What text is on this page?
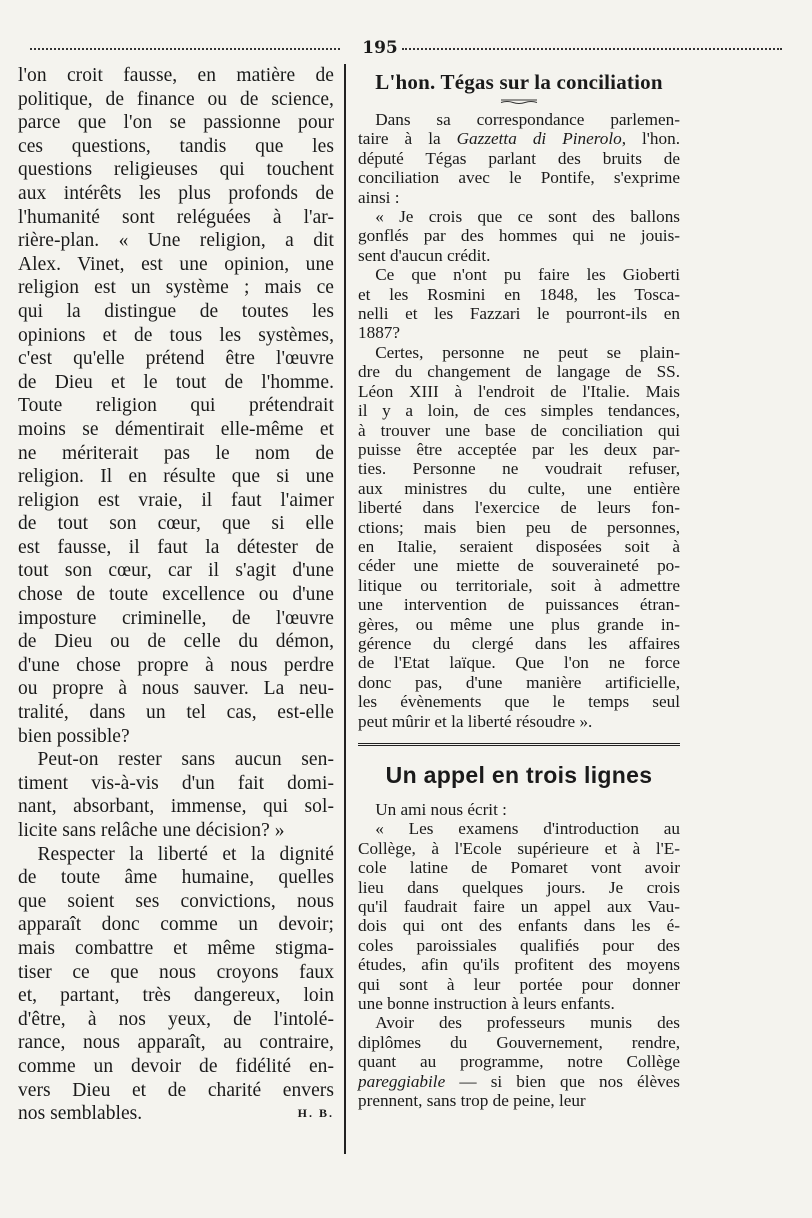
195

l'on croit fausse, en matière de

politique, de finance ou de science,

parce que l'on se passionne pour

ces questions, tandis que les

questions religieuses qui touchent

aux intérêts les plus profonds de

l'humanité sont reléguées à l'ar-

rière-plan. « Une religion, a dit

Alex. Vinet, est une opinion, une

religion est un système ; mais ce

qui la distingue de toutes les

opinions et de tous les systèmes,

c'est qu'elle prétend être l'œuvre

de Dieu et le tout de l'homme.

Toute religion qui prétendrait

moins se démentirait elle-même et

ne mériterait pas le nom de

religion. Il en résulte que si une

religion est vraie, il faut l'aimer

de tout son cœur, que si elle

est fausse, il faut la détester de

tout son cœur, car il s'agit d'une

chose de toute excellence ou d'une

imposture criminelle, de l'œuvre

de Dieu ou de celle du démon,

d'une chose propre à nous perdre

ou propre à nous sauver. La neu-

tralité, dans un tel cas, est-elle

bien possible?

Peut-on rester sans aucun sen-

timent vis-à-vis d'un fait domi-

nant, absorbant, immense, qui sol-

licite sans relâche une décision? »

Respecter la liberté et la dignité

de toute âme humaine, quelles

que soient ses convictions, nous

apparaît donc comme un devoir;

mais combattre et même stigma-

tiser ce que nous croyons faux

et, partant, très dangereux, loin

d'être, à nos yeux, de l'intolé-

rance, nous apparaît, au contraire,

comme un devoir de fidélité en-

vers Dieu et de charité envers

H. B.
nos semblables.

L'hon. Tégas sur la conciliation

Dans sa correspondance parlemen-

taire à la Gazzetta di Pinerolo, l'hon.

député Tégas parlant des bruits de

conciliation avec le Pontife, s'exprime

ainsi :

« Je crois que ce sont des ballons

gonflés par des hommes qui ne jouis-

sent d'aucun crédit.

Ce que n'ont pu faire les Gioberti

et les Rosmini en 1848, les Tosca-

nelli et les Fazzari le pourront-ils en

1887?

Certes, personne ne peut se plain-

dre du changement de langage de SS.

Léon XIII à l'endroit de l'Italie. Mais

il y a loin, de ces simples tendances,

à trouver une base de conciliation qui

puisse être acceptée par les deux par-

ties. Personne ne voudrait refuser,

aux ministres du culte, une entière

liberté dans l'exercice de leurs fon-

ctions; mais bien peu de personnes,

en Italie, seraient disposées soit à

céder une miette de souveraineté po-

litique ou territoriale, soit à admettre

une intervention de puissances étran-

gères, ou même une plus grande in-

gérence du clergé dans les affaires

de l'Etat laïque. Que l'on ne force

donc pas, d'une manière artificielle,

les évènements que le temps seul

peut mûrir et la liberté résoudre ».

Un appel en trois lignes

Un ami nous écrit :

« Les examens d'introduction au

Collège, à l'Ecole supérieure et à l'E-

cole latine de Pomaret vont avoir

lieu dans quelques jours. Je crois

qu'il faudrait faire un appel aux Vau-

dois qui ont des enfants dans les é-

coles paroissiales qualifiés pour des

études, afin qu'ils profitent des moyens

qui sont à leur portée pour donner

une bonne instruction à leurs enfants.

Avoir des professeurs munis des

diplômes du Gouvernement, rendre,

quant au programme, notre Collège

pareggiabile — si bien que nos élèves

prennent, sans trop de peine, leur
